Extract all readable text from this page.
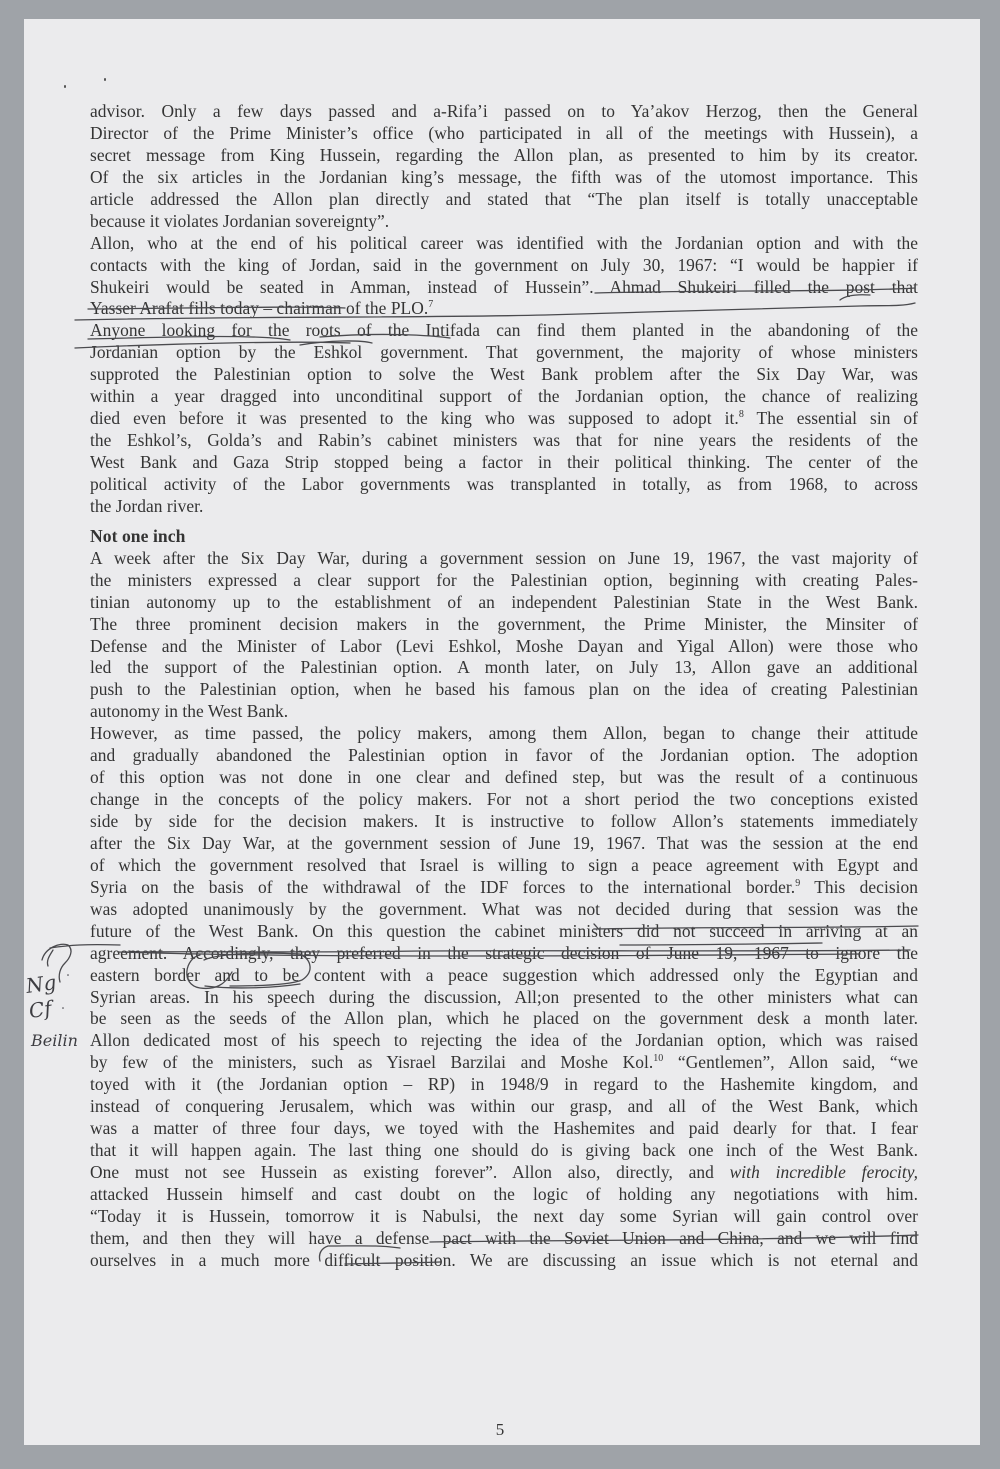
advisor. Only a few days passed and a-Rifa’i passed on to Ya’akov Herzog, then the General
Director of the Prime Minister’s office (who participated in all of the meetings with Hussein), a
secret message from King Hussein, regarding the Allon plan, as presented to him by its creator.
Of the six articles in the Jordanian king’s message, the fifth was of the utomost importance. This
article addressed the Allon plan directly and stated that “The plan itself is totally unacceptable
because it violates Jordanian sovereignty”.
Allon, who at the end of his political career was identified with the Jordanian option and with the
contacts with the king of Jordan, said in the government on July 30, 1967: “I would be happier if
Shukeiri would be seated in Amman, instead of Hussein”. Ahmad Shukeiri filled the post that
Yasser Arafat fills today – chairman of the PLO.$^7$
Anyone looking for the roots of the Intifada can find them planted in the abandoning of the
Jordanian option by the Eshkol government. That government, the majority of whose ministers
supproted the Palestinian option to solve the West Bank problem after the Six Day War, was
within a year dragged into unconditinal support of the Jordanian option, the chance of realizing
died even before it was presented to the king who was supposed to adopt it.$^8$ The essential sin of
the Eshkol’s, Golda’s and Rabin’s cabinet ministers was that for nine years the residents of the
West Bank and Gaza Strip stopped being a factor in their political thinking. The center of the
political activity of the Labor governments was transplanted in totally, as from 1968, to across
the Jordan river.
Not one inch
A week after the Six Day War, during a government session on June 19, 1967, the vast majority of
the ministers expressed a clear support for the Palestinian option, beginning with creating Pales-
tinian autonomy up to the establishment of an independent Palestinian State in the West Bank.
The three prominent decision makers in the government, the Prime Minister, the Minsiter of
Defense and the Minister of Labor (Levi Eshkol, Moshe Dayan and Yigal Allon) were those who
led the support of the Palestinian option. A month later, on July 13, Allon gave an additional
push to the Palestinian option, when he based his famous plan on the idea of creating Palestinian
autonomy in the West Bank.
However, as time passed, the policy makers, among them Allon, began to change their attitude
and gradually abandoned the Palestinian option in favor of the Jordanian option. The adoption
of this option was not done in one clear and defined step, but was the result of a continuous
change in the concepts of the policy makers. For not a short period the two conceptions existed
side by side for the decision makers. It is instructive to follow Allon’s statements immediately
after the Six Day War, at the government session of June 19, 1967. That was the session at the end
of which the government resolved that Israel is willing to sign a peace agreement with Egypt and
Syria on the basis of the withdrawal of the IDF forces to the international border.$^9$ This decision
was adopted unanimously by the government. What was not decided during that session was the
future of the West Bank. On this question the cabinet ministers did not succeed in arriving at an
agreement. Accordingly, they preferred in the strategic decision of June 19, 1967 to ignore the
eastern border and to be content with a peace suggestion which addressed only the Egyptian and
Syrian areas. In his speech during the discussion, All;on presented to the other ministers what can
be seen as the seeds of the Allon plan, which he placed on the government desk a month later.
Allon dedicated most of his speech to rejecting the idea of the Jordanian option, which was raised
by few of the ministers, such as Yisrael Barzilai and Moshe Kol.$^{10}$ “Gentlemen”, Allon said, “we
toyed with it (the Jordanian option – RP) in 1948/9 in regard to the Hashemite kingdom, and
instead of conquering Jerusalem, which was within our grasp, and all of the West Bank, which
was a matter of three four days, we toyed with the Hashemites and paid dearly for that. I fear
that it will happen again. The last thing one should do is giving back one inch of the West Bank.
One must not see Hussein as existing forever”. Allon also, directly, and with incredible ferocity,
attacked Hussein himself and cast doubt on the logic of holding any negotiations with him.
“Today it is Hussein, tomorrow it is Nabulsi, the next day some Syrian will gain control over
them, and then they will have a defense pact with the Soviet Union and China, and we will find
ourselves in a much more difficult position. We are discussing an issue which is not eternal and
5
Ng
Cf
Beilin
